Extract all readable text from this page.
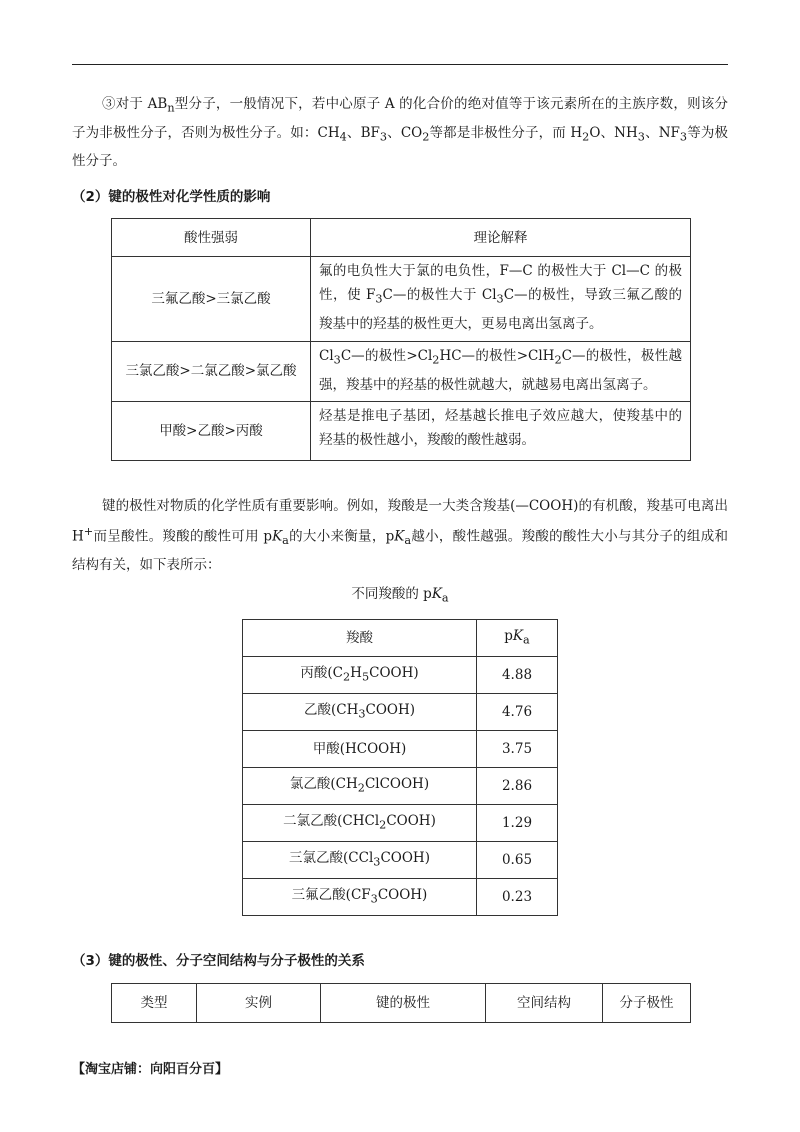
③对于 $AB_n$型分子，一般情况下，若中心原子 A 的化合价的绝对值等于该元素所在的主族序数，则该分子为非极性分子，否则为极性分子。如：$CH_4$、$BF_3$、$CO_2$等都是非极性分子，而 $H_2O$、$NH_3$、$NF_3$等为极性分子。

（2）键的极性对化学性质的影响

酸性强弱	理论解释
三氟乙酸>三氯乙酸	氟的电负性大于氯的电负性，F—C 的极性大于 Cl—C 的极性，使 $F_3C—$的极性大于 $Cl_3C—$的极性，导致三氟乙酸的羧基中的羟基的极性更大，更易电离出氢离子。
三氯乙酸>二氯乙酸>氯乙酸	$Cl_3C—$的极性$>Cl_2HC—$的极性>ClH$_2$C—的极性，极性越强，羧基中的羟基的极性就越大，就越易电离出氢离子。
甲酸>乙酸>丙酸	烃基是推电子基团，烃基越长推电子效应越大，使羧基中的羟基的极性越小，羧酸的酸性越弱。

键的极性对物质的化学性质有重要影响。例如，羧酸是一大类含羧基(—COOH)的有机酸，羧基可电离出 H+而呈酸性。羧酸的酸性可用 $pK_a$的大小来衡量，$pK_a$越小，酸性越强。羧酸的酸性大小与其分子的组成和结构有关，如下表所示：

不同羧酸的 $pK_a$

羧酸	$pK_a$
丙酸$(C_2H_5COOH)$	4.88
乙酸$(CH_3COOH)$	4.76
甲酸(HCOOH)	3.75
氯乙酸$(CH_2ClCOOH)$	2.86
二氯乙酸(CHCl$_2$COOH)	1.29
三氯乙酸(CCl$_3$COOH)	0.65
三氟乙酸$(CF_3COOH)$	0.23

（3）键的极性、分子空间结构与分子极性的关系

类型	实例	键的极性	空间结构	分子极性

【淘宝店铺：向阳百分百】
